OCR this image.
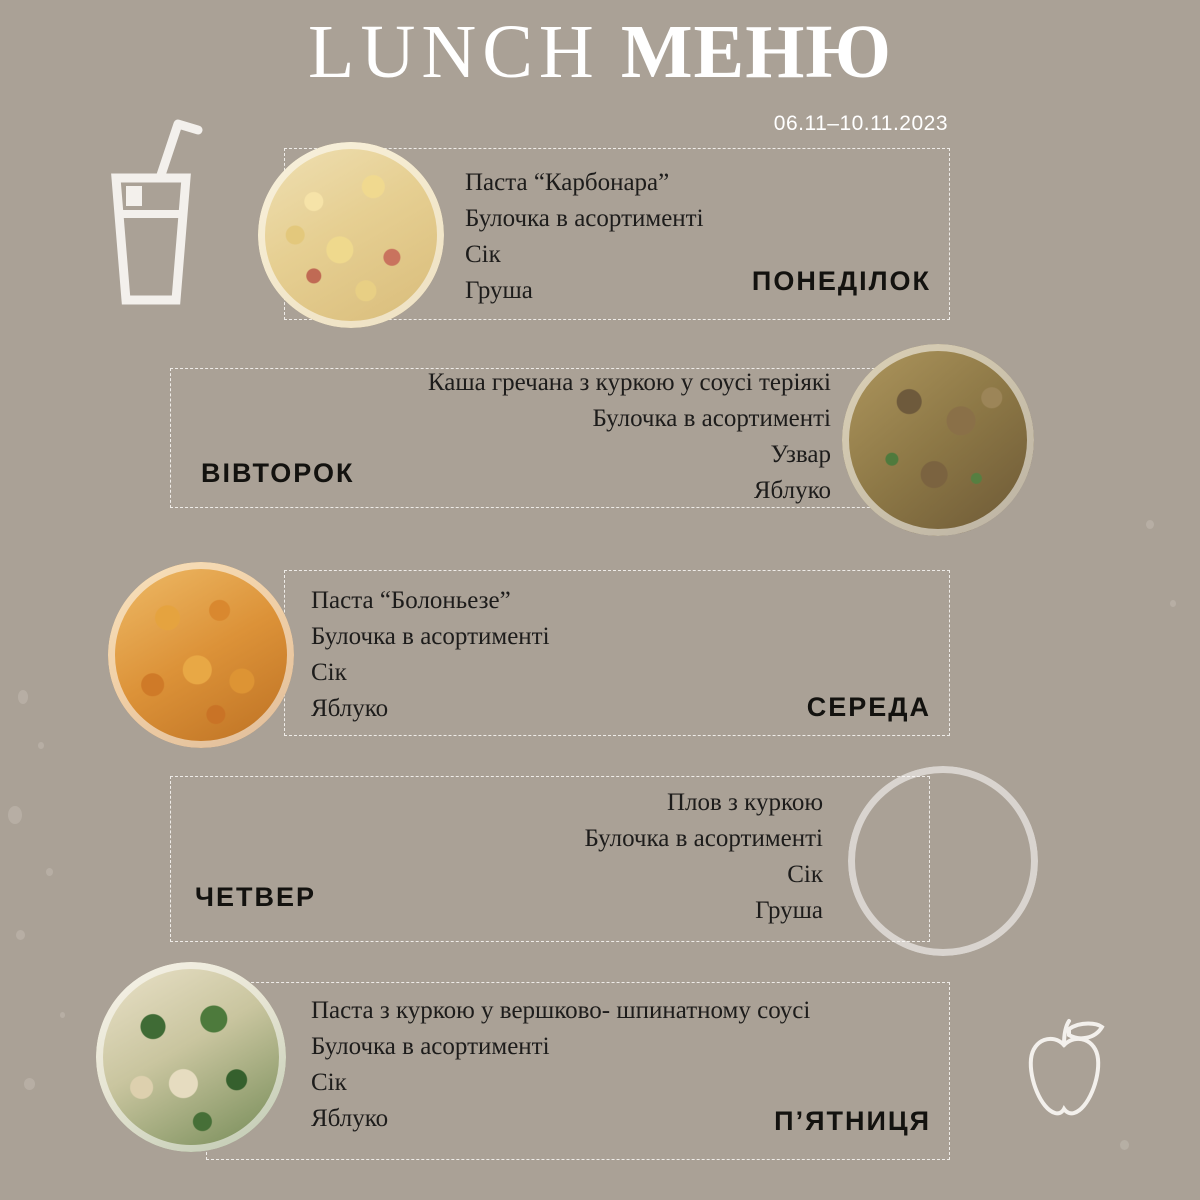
LUNCH МЕНЮ
06.11–10.11.2023
Паста “Карбонара”
Булочка в асортименті
Сік
Груша	ПОНЕДІЛОК
Каша гречана з куркою у соусі теріякі
Булочка в асортименті
Узвар
Яблуко
ВІВТОРОК
Паста “Болоньезе”
Булочка в асортименті
Сік
Яблуко	СЕРЕДА
Плов з куркою
Булочка в асортименті
Сік
Груша
ЧЕТВЕР
Паста з куркою у вершково- шпинатному соусі
Булочка в асортименті
Сік
Яблуко	П’ЯТНИЦЯ
